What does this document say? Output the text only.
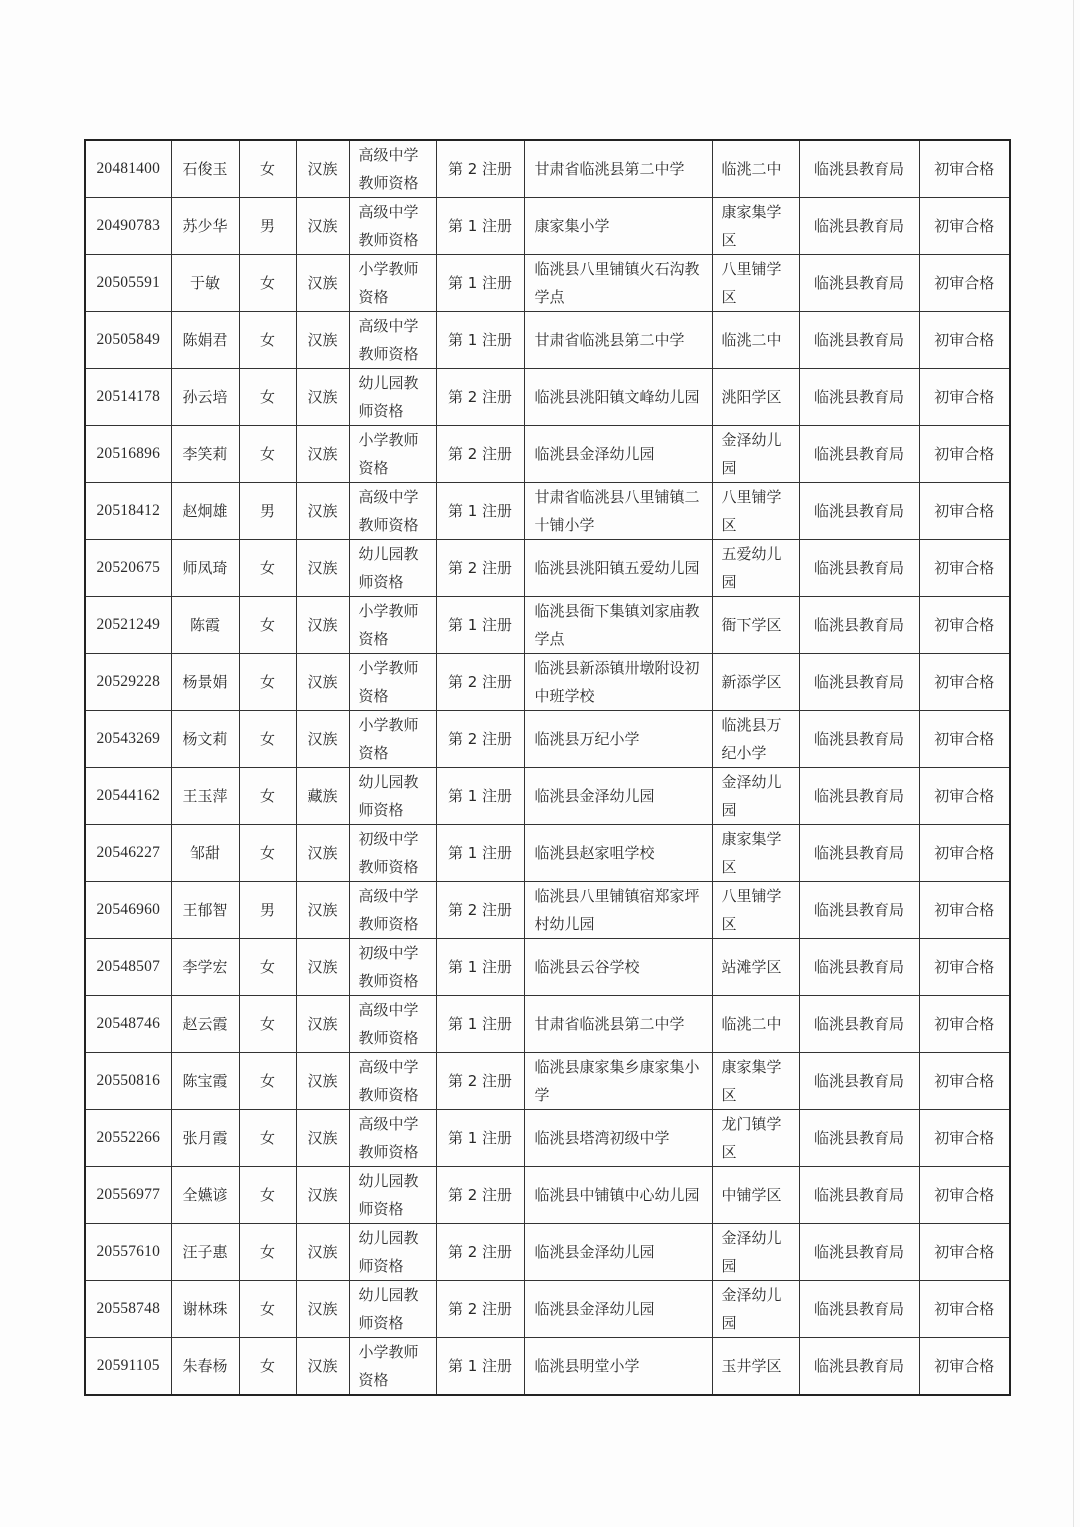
20481400	石俊玉	女	汉族	高级中学教师资格	第 2 注册	甘肃省临洮县第二中学	临洮二中	临洮县教育局	初审合格
20490783	苏少华	男	汉族	高级中学教师资格	第 1 注册	康家集小学	康家集学区	临洮县教育局	初审合格
20505591	于敏	女	汉族	小学教师资格	第 1 注册	临洮县八里铺镇火石沟教学点	八里铺学区	临洮县教育局	初审合格
20505849	陈娟君	女	汉族	高级中学教师资格	第 1 注册	甘肃省临洮县第二中学	临洮二中	临洮县教育局	初审合格
20514178	孙云培	女	汉族	幼儿园教师资格	第 2 注册	临洮县洮阳镇文峰幼儿园	洮阳学区	临洮县教育局	初审合格
20516896	李笑莉	女	汉族	小学教师资格	第 2 注册	临洮县金泽幼儿园	金泽幼儿园	临洮县教育局	初审合格
20518412	赵炯雄	男	汉族	高级中学教师资格	第 1 注册	甘肃省临洮县八里铺镇二十铺小学	八里铺学区	临洮县教育局	初审合格
20520675	师凤琦	女	汉族	幼儿园教师资格	第 2 注册	临洮县洮阳镇五爱幼儿园	五爱幼儿园	临洮县教育局	初审合格
20521249	陈霞	女	汉族	小学教师资格	第 1 注册	临洮县衙下集镇刘家庙教学点	衙下学区	临洮县教育局	初审合格
20529228	杨景娟	女	汉族	小学教师资格	第 2 注册	临洮县新添镇卅墩附设初中班学校	新添学区	临洮县教育局	初审合格
20543269	杨文莉	女	汉族	小学教师资格	第 2 注册	临洮县万纪小学	临洮县万纪小学	临洮县教育局	初审合格
20544162	王玉萍	女	藏族	幼儿园教师资格	第 1 注册	临洮县金泽幼儿园	金泽幼儿园	临洮县教育局	初审合格
20546227	邹甜	女	汉族	初级中学教师资格	第 1 注册	临洮县赵家咀学校	康家集学区	临洮县教育局	初审合格
20546960	王郁智	男	汉族	高级中学教师资格	第 2 注册	临洮县八里铺镇宿郑家坪村幼儿园	八里铺学区	临洮县教育局	初审合格
20548507	李学宏	女	汉族	初级中学教师资格	第 1 注册	临洮县云谷学校	站滩学区	临洮县教育局	初审合格
20548746	赵云霞	女	汉族	高级中学教师资格	第 1 注册	甘肃省临洮县第二中学	临洮二中	临洮县教育局	初审合格
20550816	陈宝霞	女	汉族	高级中学教师资格	第 2 注册	临洮县康家集乡康家集小学	康家集学区	临洮县教育局	初审合格
20552266	张月霞	女	汉族	高级中学教师资格	第 1 注册	临洮县塔湾初级中学	龙门镇学区	临洮县教育局	初审合格
20556977	全嬿谚	女	汉族	幼儿园教师资格	第 2 注册	临洮县中铺镇中心幼儿园	中铺学区	临洮县教育局	初审合格
20557610	汪子惠	女	汉族	幼儿园教师资格	第 2 注册	临洮县金泽幼儿园	金泽幼儿园	临洮县教育局	初审合格
20558748	谢林珠	女	汉族	幼儿园教师资格	第 2 注册	临洮县金泽幼儿园	金泽幼儿园	临洮县教育局	初审合格
20591105	朱春杨	女	汉族	小学教师资格	第 1 注册	临洮县明堂小学	玉井学区	临洮县教育局	初审合格
